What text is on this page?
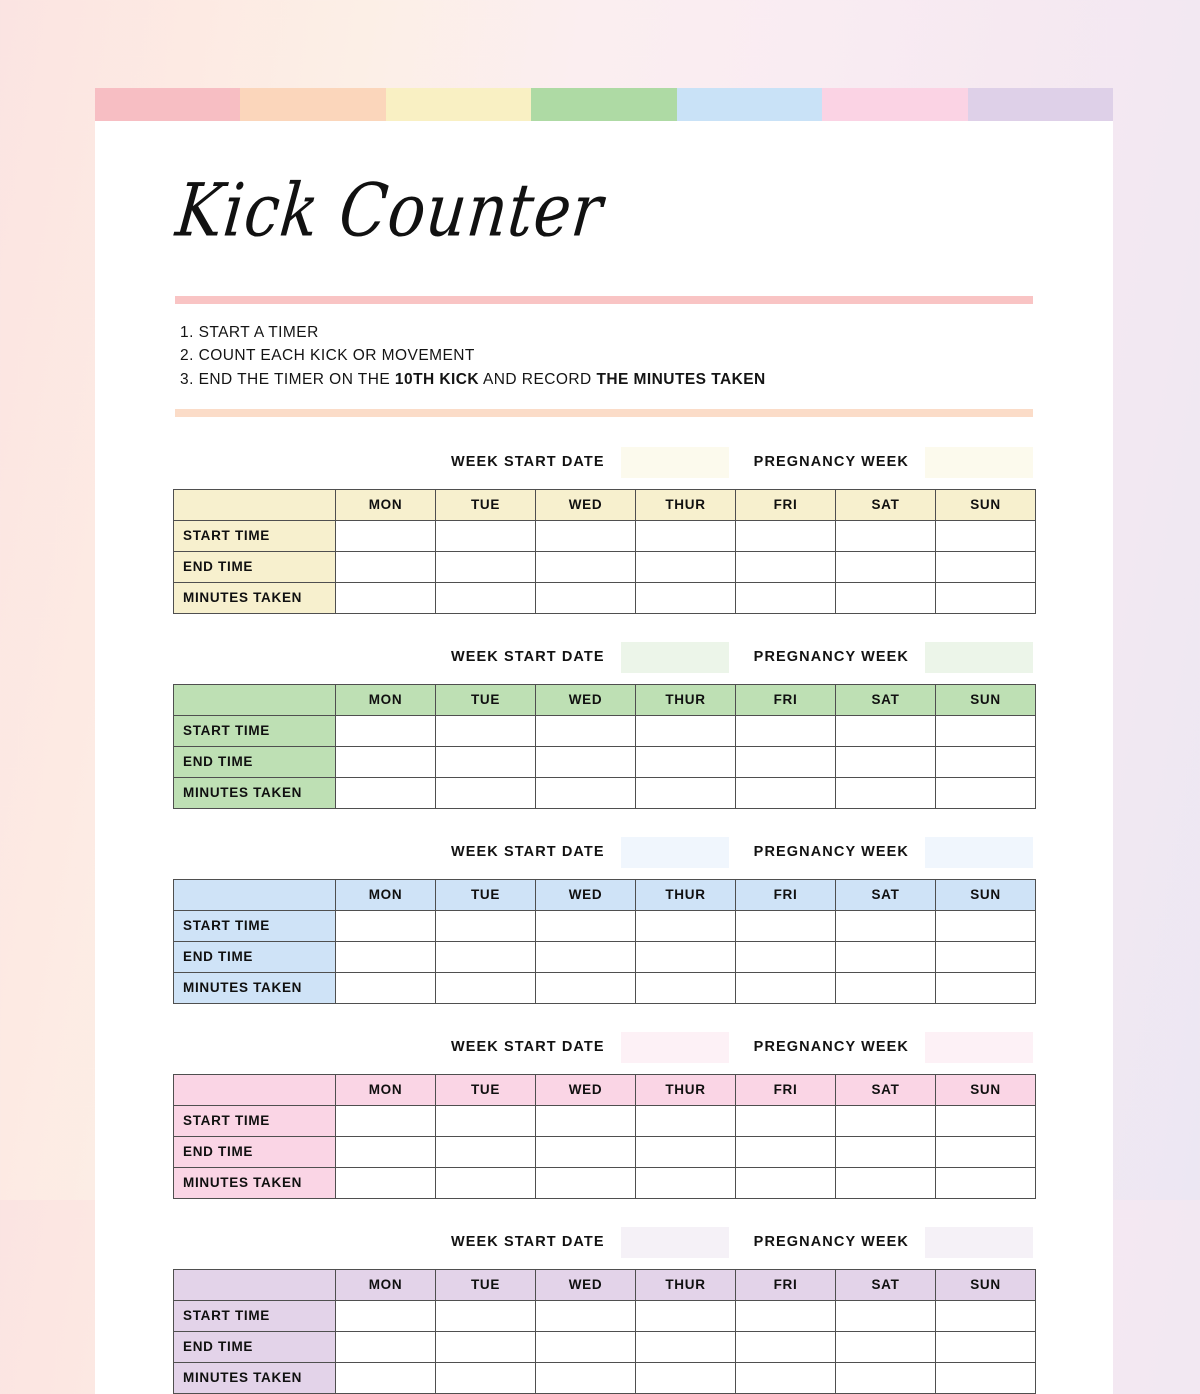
Kick Counter
1. START A TIMER
2. COUNT EACH KICK OR MOVEMENT
3. END THE TIMER ON THE 10TH KICK AND RECORD THE MINUTES TAKEN
WEEK START DATE	PREGNANCY WEEK
	MON	TUE	WED	THUR	FRI	SAT	SUN
START TIME							
END TIME							
MINUTES TAKEN							
WEEK START DATE	PREGNANCY WEEK
	MON	TUE	WED	THUR	FRI	SAT	SUN
START TIME							
END TIME							
MINUTES TAKEN							
WEEK START DATE	PREGNANCY WEEK
	MON	TUE	WED	THUR	FRI	SAT	SUN
START TIME							
END TIME							
MINUTES TAKEN							
WEEK START DATE	PREGNANCY WEEK
	MON	TUE	WED	THUR	FRI	SAT	SUN
START TIME							
END TIME							
MINUTES TAKEN							
WEEK START DATE	PREGNANCY WEEK
	MON	TUE	WED	THUR	FRI	SAT	SUN
START TIME							
END TIME							
MINUTES TAKEN							
